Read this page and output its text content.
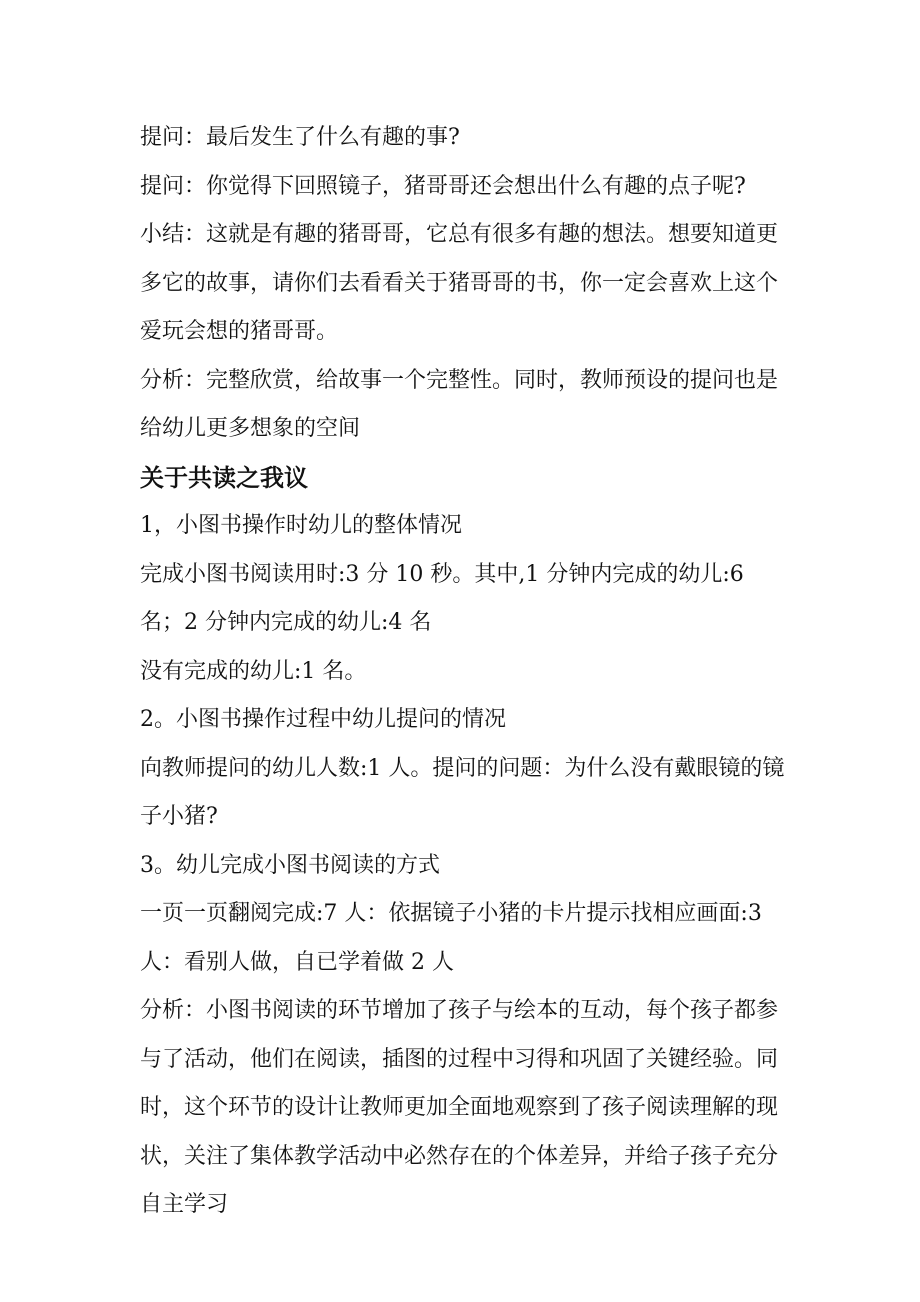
提问：最后发生了什么有趣的事?

提问：你觉得下回照镜子，猪哥哥还会想出什么有趣的点子呢?

小结：这就是有趣的猪哥哥，它总有很多有趣的想法。想要知道更多它的故事，请你们去看看关于猪哥哥的书，你一定会喜欢上这个爱玩会想的猪哥哥。

分析：完整欣赏，给故事一个完整性。同时，教师预设的提问也是给幼儿更多想象的空间

关于共读之我议

1，小图书操作时幼儿的整体情况

完成小图书阅读用时:3 分 10 秒。其中,1 分钟内完成的幼儿:6 名；2 分钟内完成的幼儿:4 名

没有完成的幼儿:1 名。

2。小图书操作过程中幼儿提问的情况

向教师提问的幼儿人数:1 人。提问的问题：为什么没有戴眼镜的镜子小猪?

3。幼儿完成小图书阅读的方式

一页一页翻阅完成:7 人：依据镜子小猪的卡片提示找相应画面:3 人：看别人做，自已学着做 2 人

分析：小图书阅读的环节增加了孩子与绘本的互动，每个孩子都参与了活动，他们在阅读，插图的过程中习得和巩固了关键经验。同时，这个环节的设计让教师更加全面地观察到了孩子阅读理解的现状，关注了集体教学活动中必然存在的个体差异，并给子孩子充分自主学习
